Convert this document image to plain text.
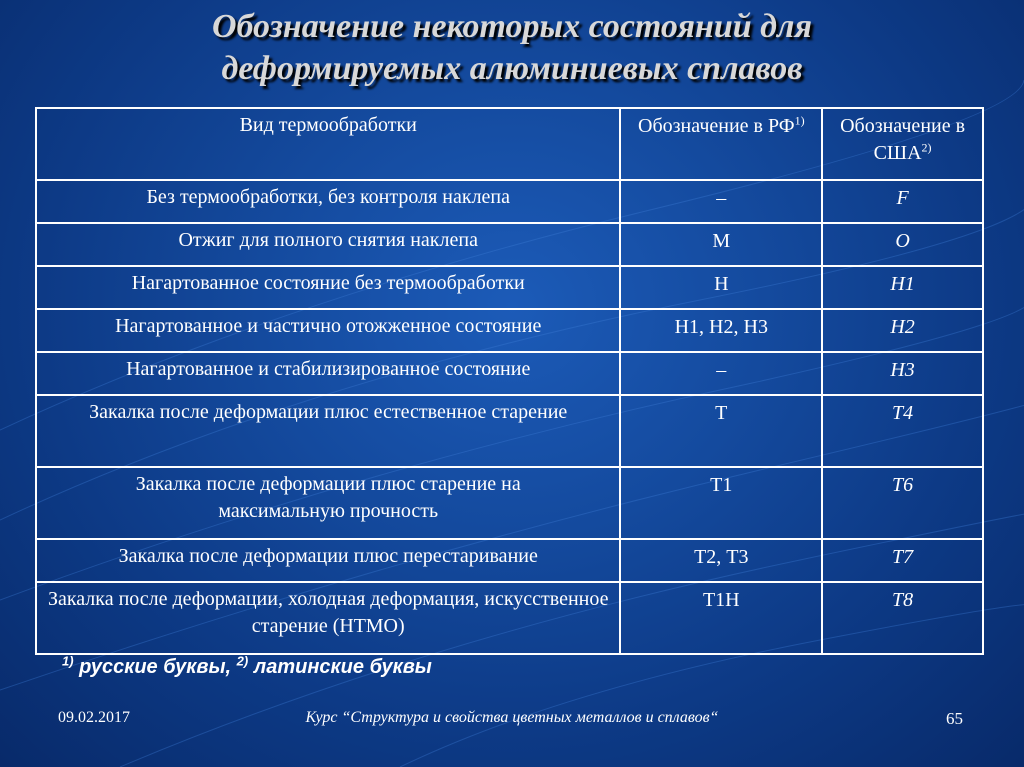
Обозначение некоторых состояний для
деформируемых алюминиевых сплавов
Вид термообработки	Обозначение в РФ$^{1)}$	Обозначение в США$^{2)}$
Без термообработки, без контроля наклепа	–	F
Отжиг для полного снятия наклепа	М	O
Нагартованное состояние без термообработки	Н	H1
Нагартованное и частично отожженное состояние	Н1, Н2, Н3	H2
Нагартованное и стабилизированное состояние	–	H3
Закалка после деформации плюс естественное старение	Т	T4
Закалка после деформации плюс старение на максимальную прочность	Т1	T6
Закалка после деформации плюс перестаривание	Т2, Т3	T7
Закалка после деформации, холодная деформация, искусственное старение (НТМО)	Т1Н	T8
$^{1)}$ русские буквы, $^{2)}$ латинские буквы
09.02.2017	Курс “Структура и свойства цветных металлов и сплавов“	65
